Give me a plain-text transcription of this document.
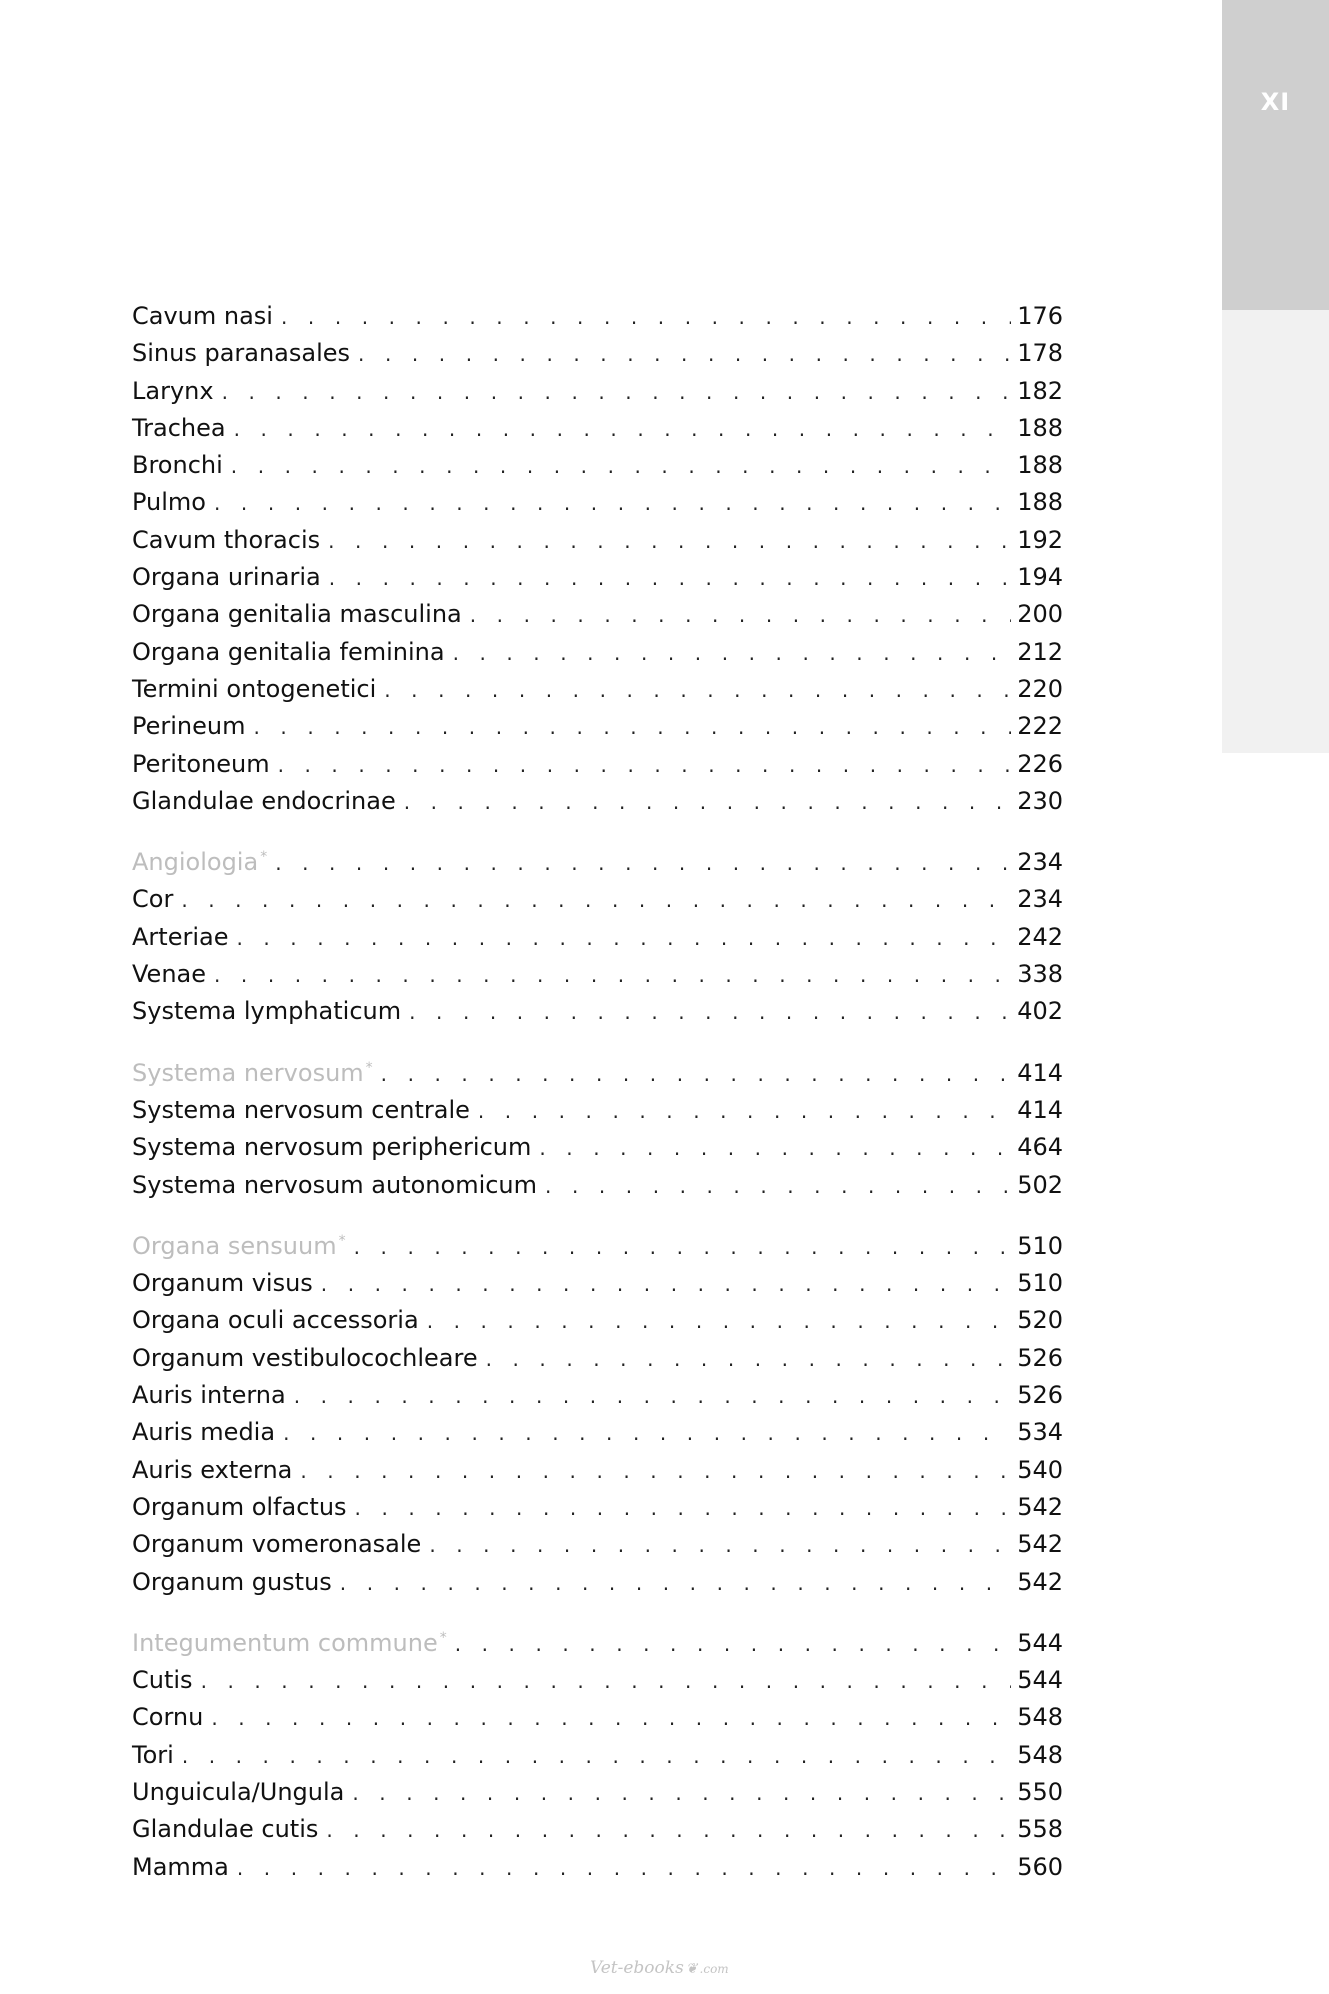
XI
Cavum nasi . . .	176
Sinus paranasales . . .	178
Larynx . . .	182
Trachea . . .	188
Bronchi . . .	188
Pulmo . . .	188
Cavum thoracis . . .	192
Organa urinaria . . .	194
Organa genitalia masculina . . .	200
Organa genitalia feminina . . .	212
Termini ontogenetici . . .	220
Perineum . . .	222
Peritoneum . . .	226
Glandulae endocrinae . . .	230
Angiologia * . . .	234
Cor . . .	234
Arteriae . . .	242
Venae . . .	338
Systema lymphaticum . . .	402
Systema nervosum * . . .	414
Systema nervosum centrale . . .	414
Systema nervosum periphericum . . .	464
Systema nervosum autonomicum . . .	502
Organa sensuum * . . .	510
Organum visus . . .	510
Organa oculi accessoria . . .	520
Organum vestibulocochleare . . .	526
Auris interna . . .	526
Auris media . . .	534
Auris externa . . .	540
Organum olfactus . . .	542
Organum vomeronasale . . .	542
Organum gustus . . .	542
Integumentum commune * . . .	544
Cutis . . .	544
Cornu . . .	548
Tori . . .	548
Unguicula/Ungula . . .	550
Glandulae cutis . . .	558
Mamma . . .	560
Vet-ebooks ❦ .com
